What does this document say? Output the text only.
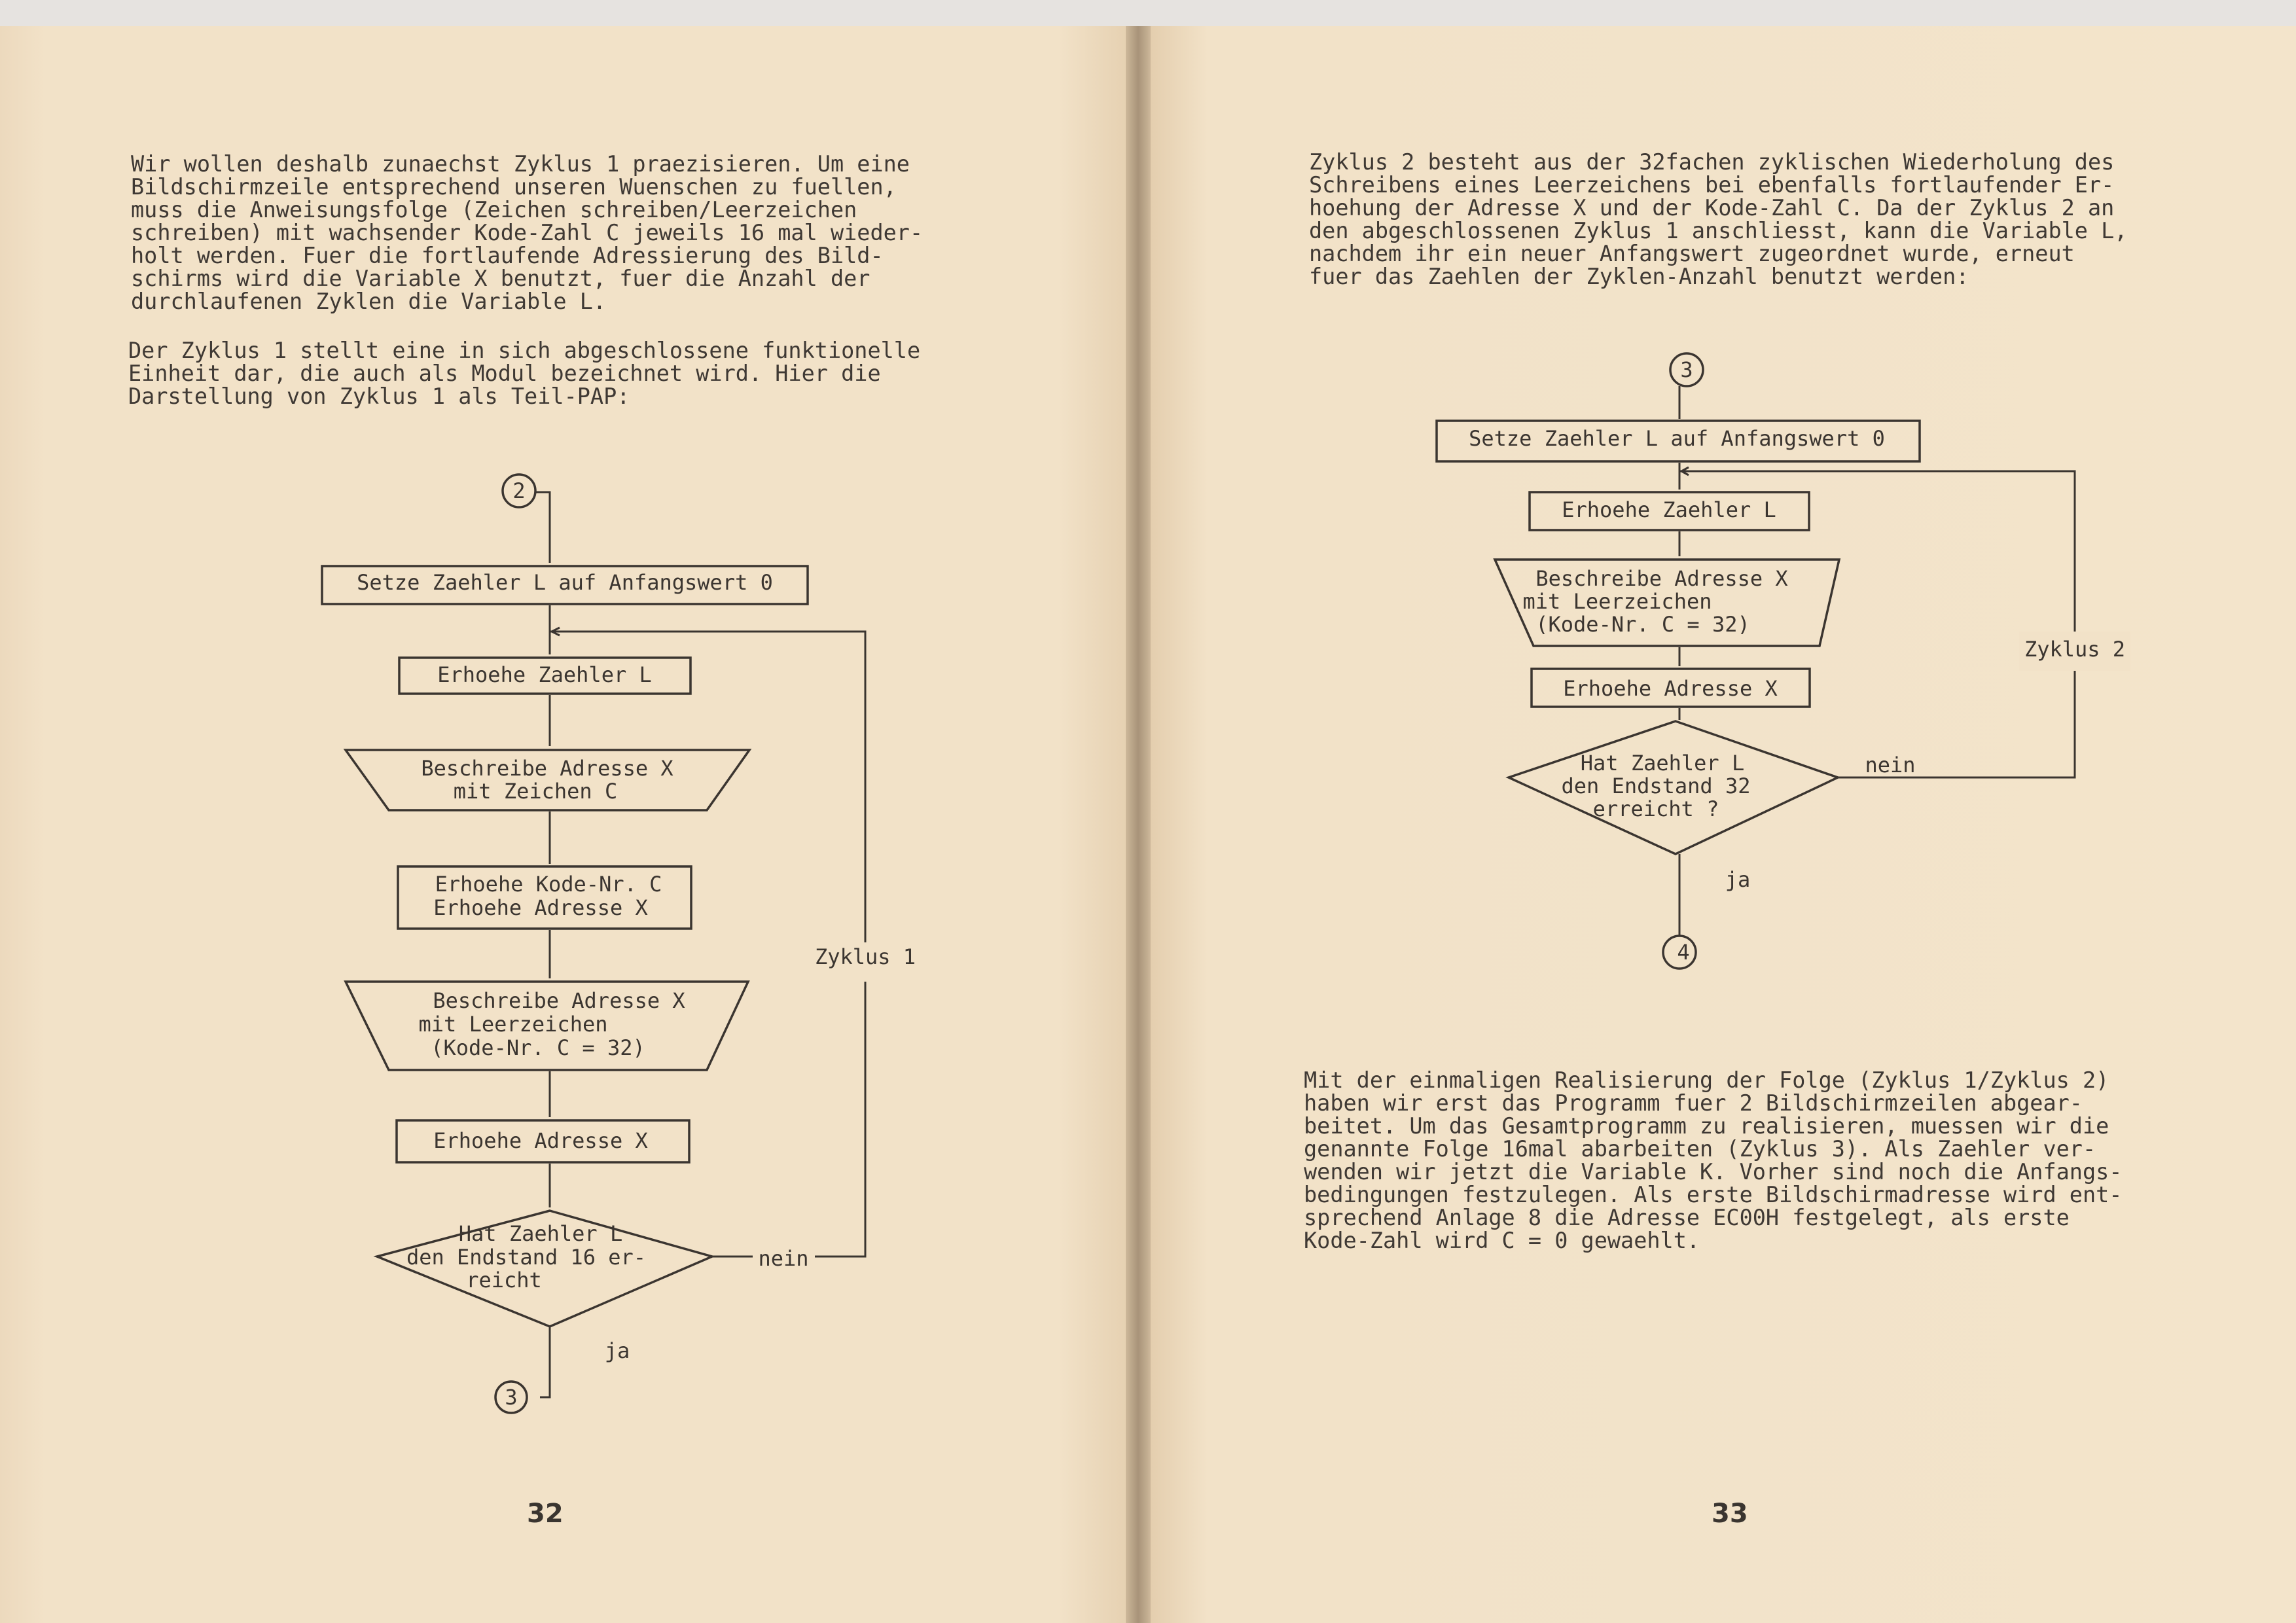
Wir wollen deshalb zunaechst Zyklus 1 praezisieren. Um eine
Bildschirmzeile entsprechend unseren Wuenschen zu fuellen,
muss die Anweisungsfolge (Zeichen schreiben/Leerzeichen
schreiben) mit wachsender Kode-Zahl C jeweils 16 mal wieder-
holt werden. Fuer die fortlaufende Adressierung des Bild-
schirms wird die Variable X benutzt, fuer die Anzahl der
durchlaufenen Zyklen die Variable L.
Der Zyklus 1 stellt eine in sich abgeschlossene funktionelle
Einheit dar, die auch als Modul bezeichnet wird. Hier die
Darstellung von Zyklus 1 als Teil-PAP:
32
Zyklus 2 besteht aus der 32fachen zyklischen Wiederholung des
Schreibens eines Leerzeichens bei ebenfalls fortlaufender Er-
hoehung der Adresse X und der Kode-Zahl C. Da der Zyklus 2 an
den abgeschlossenen Zyklus 1 anschliesst, kann die Variable L,
nachdem ihr ein neuer Anfangswert zugeordnet wurde, erneut
fuer das Zaehlen der Zyklen-Anzahl benutzt werden:
Mit der einmaligen Realisierung der Folge (Zyklus 1/Zyklus 2)
haben wir erst das Programm fuer 2 Bildschirmzeilen abgear-
beitet. Um das Gesamtprogramm zu realisieren, muessen wir die
genannte Folge 16mal abarbeiten (Zyklus 3). Als Zaehler ver-
wenden wir jetzt die Variable K. Vorher sind noch die Anfangs-
bedingungen festzulegen. Als erste Bildschirmadresse wird ent-
sprechend Anlage 8 die Adresse EC00H festgelegt, als erste
Kode-Zahl wird C = 0 gewaehlt.
33
2
Setze Zaehler L auf Anfangswert 0
Erhoehe Zaehler L
Beschreibe Adresse X
mit Zeichen C
Erhoehe Kode-Nr. C
Erhoehe Adresse X
Beschreibe Adresse X
mit Leerzeichen
(Kode-Nr. C = 32)
Erhoehe Adresse X
Hat Zaehler L
den Endstand 16 er-
reicht
nein
Zyklus 1
ja
3
3
Setze Zaehler L auf Anfangswert 0
Erhoehe Zaehler L
Beschreibe Adresse X
mit Leerzeichen
(Kode-Nr. C = 32)
Erhoehe Adresse X
Hat Zaehler L
den Endstand 32
erreicht ?
nein
Zyklus 2
ja
4
